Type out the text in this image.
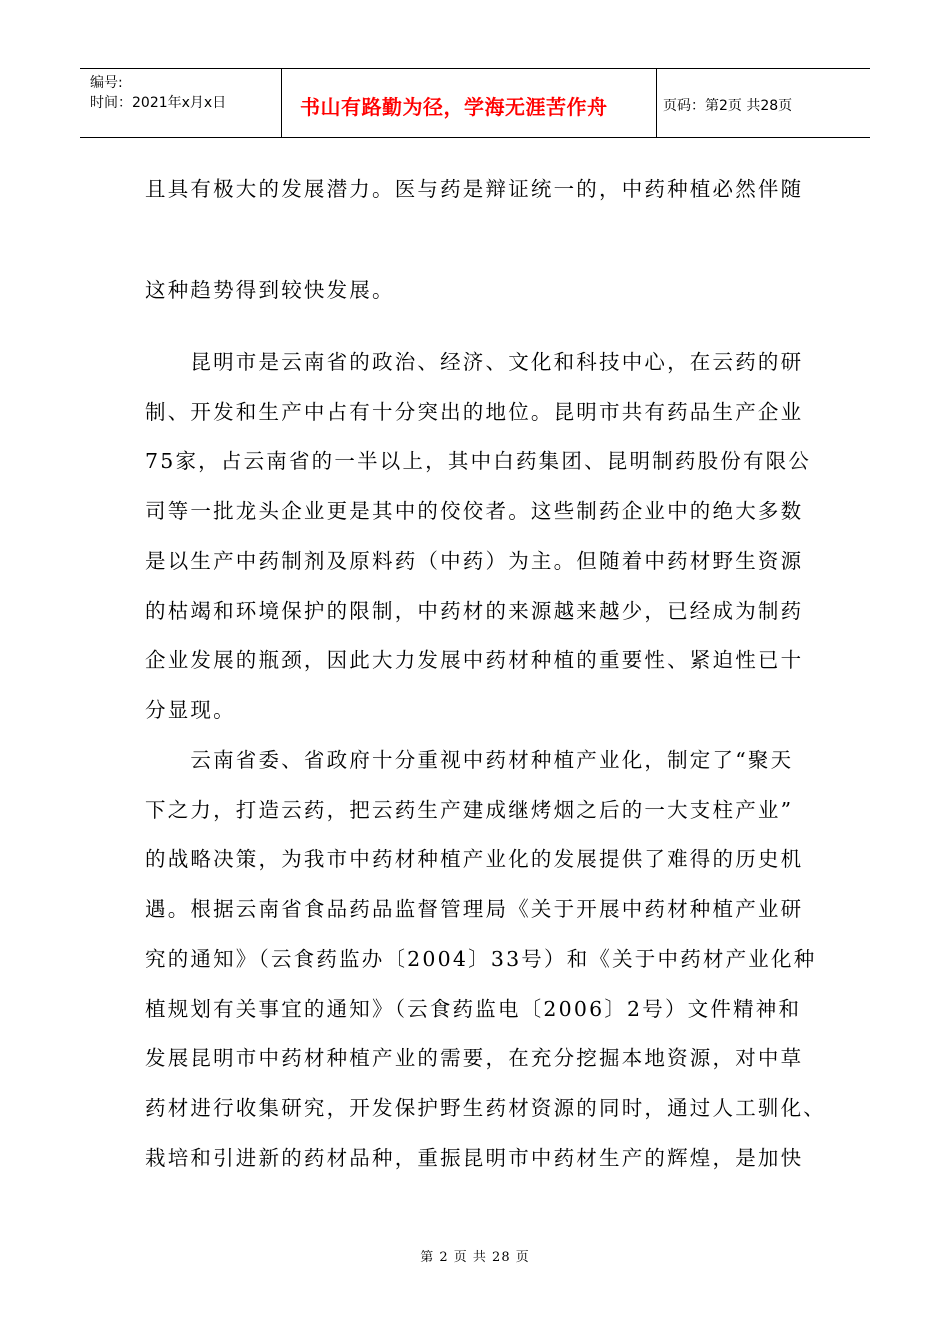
编号:
时间：2021年x月x日	书山有路勤为径，学海无涯苦作舟	页码：第2页 共28页
且具有极大的发展潜力。医与药是辩证统一的，中药种植必然伴随
这种趋势得到较快发展。
　　昆明市是云南省的政治、经济、文化和科技中心，在云药的研
制、开发和生产中占有十分突出的地位。昆明市共有药品生产企业
75家，占云南省的一半以上，其中白药集团、昆明制药股份有限公
司等一批龙头企业更是其中的佼佼者。这些制药企业中的绝大多数
是以生产中药制剂及原料药（中药）为主。但随着中药材野生资源
的枯竭和环境保护的限制，中药材的来源越来越少，已经成为制药
企业发展的瓶颈，因此大力发展中药材种植的重要性、紧迫性已十
分显现。
　　云南省委、省政府十分重视中药材种植产业化，制定了“聚天
下之力，打造云药，把云药生产建成继烤烟之后的一大支柱产业”
的战略决策，为我市中药材种植产业化的发展提供了难得的历史机
遇。根据云南省食品药品监督管理局《关于开展中药材种植产业研
究的通知》（云食药监办〔2004〕33号）和《关于中药材产业化种
植规划有关事宜的通知》（云食药监电〔2006〕2号）文件精神和
发展昆明市中药材种植产业的需要，在充分挖掘本地资源，对中草
药材进行收集研究，开发保护野生药材资源的同时，通过人工驯化、
栽培和引进新的药材品种，重振昆明市中药材生产的辉煌，是加快
第 2 页 共 28 页
